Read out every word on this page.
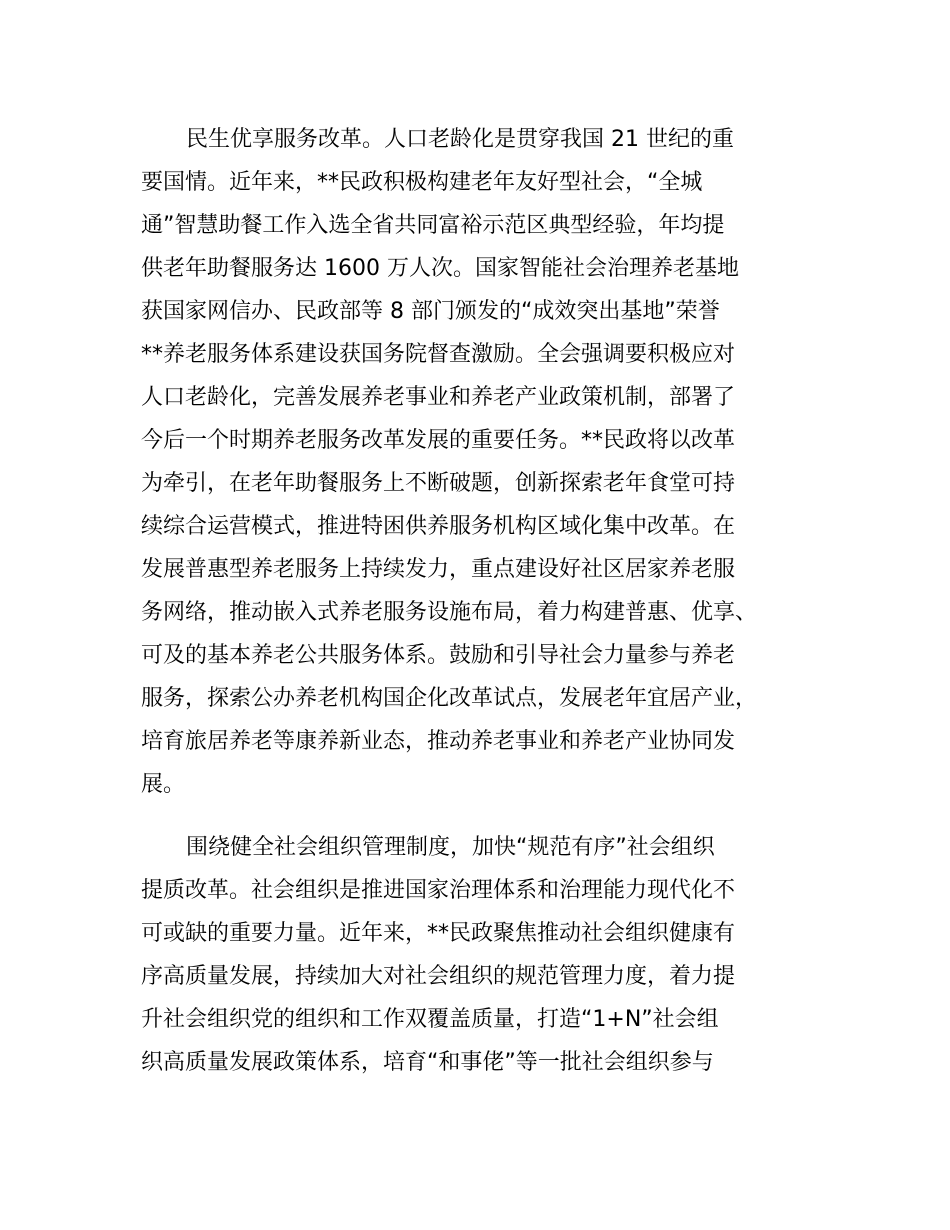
民生优享服务改革。人口老龄化是贯穿我国 21 世纪的重
要国情。近年来，**民政积极构建老年友好型社会，“全城
通”智慧助餐工作入选全省共同富裕示范区典型经验，年均提
供老年助餐服务达 1600 万人次。国家智能社会治理养老基地
获国家网信办、民政部等 8 部门颁发的“成效突出基地”荣誉
**养老服务体系建设获国务院督查激励。全会强调要积极应对
人口老龄化，完善发展养老事业和养老产业政策机制，部署了
今后一个时期养老服务改革发展的重要任务。**民政将以改革
为牵引，在老年助餐服务上不断破题，创新探索老年食堂可持
续综合运营模式，推进特困供养服务机构区域化集中改革。在
发展普惠型养老服务上持续发力，重点建设好社区居家养老服
务网络，推动嵌入式养老服务设施布局，着力构建普惠、优享、
可及的基本养老公共服务体系。鼓励和引导社会力量参与养老
服务，探索公办养老机构国企化改革试点，发展老年宜居产业，
培育旅居养老等康养新业态，推动养老事业和养老产业协同发
展。
围绕健全社会组织管理制度，加快“规范有序”社会组织
提质改革。社会组织是推进国家治理体系和治理能力现代化不
可或缺的重要力量。近年来，**民政聚焦推动社会组织健康有
序高质量发展，持续加大对社会组织的规范管理力度，着力提
升社会组织党的组织和工作双覆盖质量，打造“1+N”社会组
织高质量发展政策体系，培育“和事佬”等一批社会组织参与
